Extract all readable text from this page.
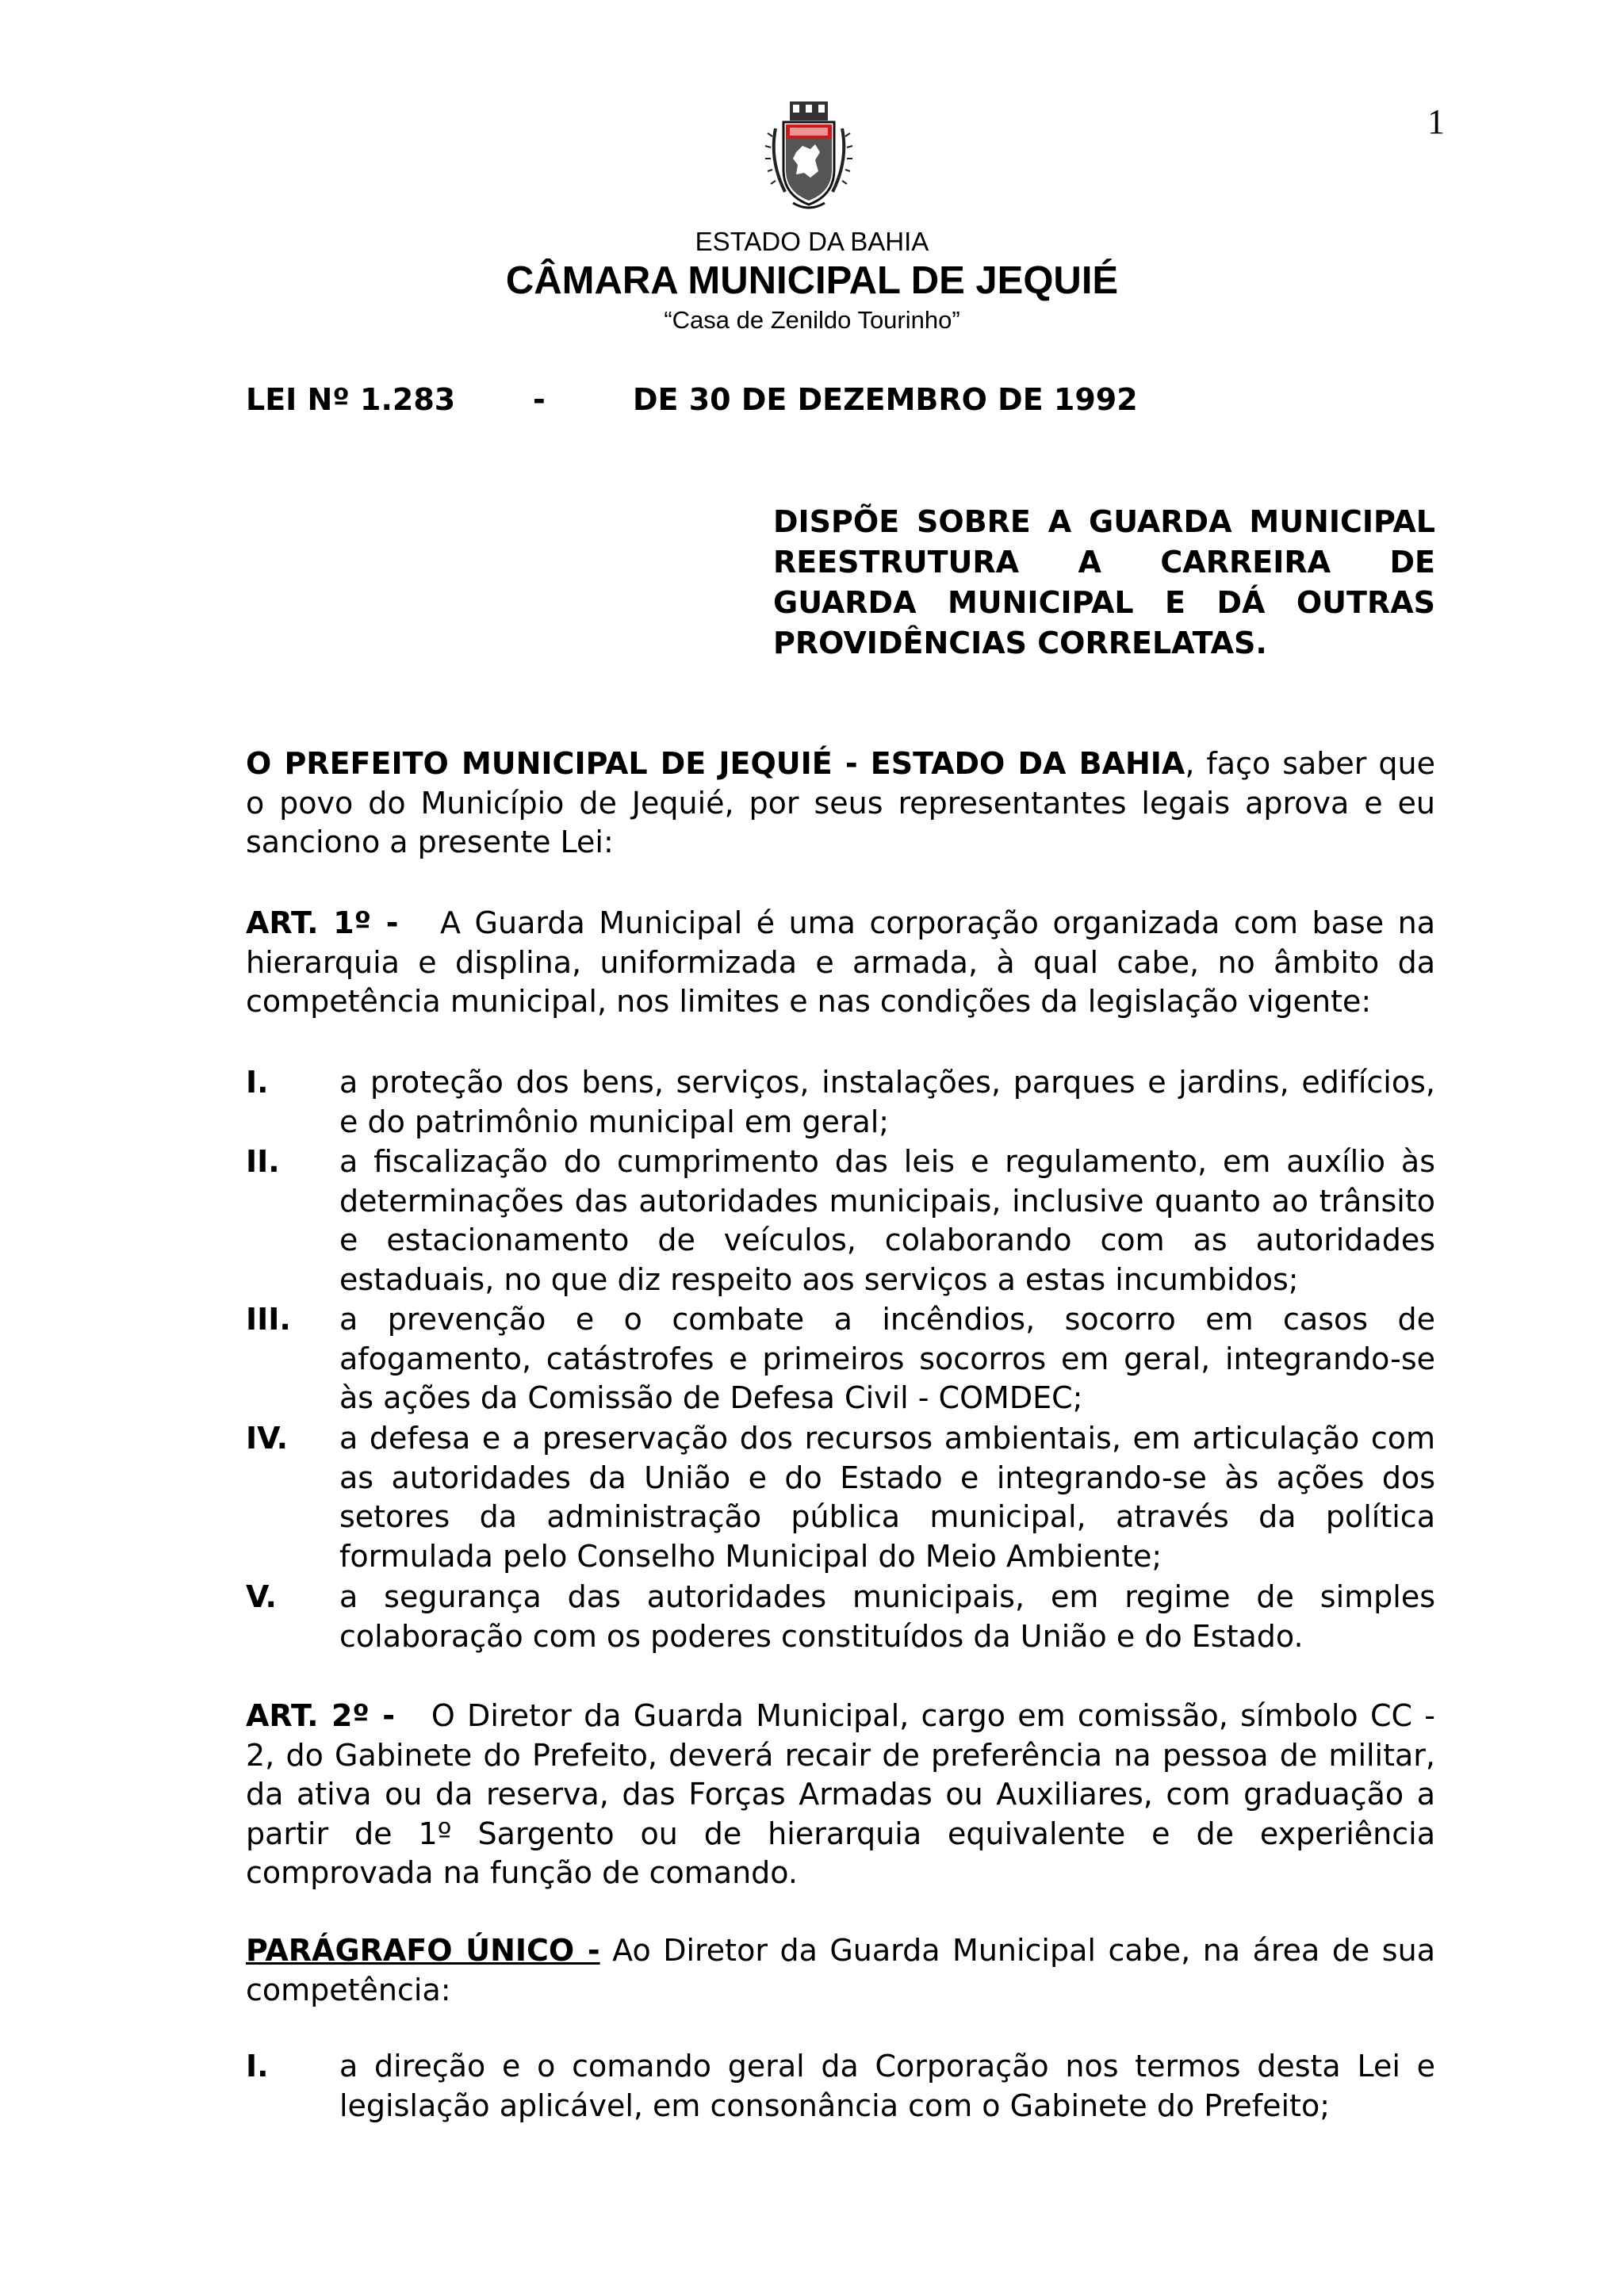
1
ESTADO DA BAHIA
CÂMARA MUNICIPAL DE JEQUIÉ
“Casa de Zenildo Tourinho”
LEI Nº 1.283	-	DE 30 DE DEZEMBRO DE 1992
DISPÕE SOBRE A GUARDA MUNICIPAL
REESTRUTURA A CARREIRA DE
GUARDA MUNICIPAL E DÁ OUTRAS
PROVIDÊNCIAS CORRELATAS.
O PREFEITO MUNICIPAL DE JEQUIÉ - ESTADO DA BAHIA, faço saber que o povo do Município de Jequié, por seus representantes legais aprova e eu sanciono a presente Lei:
ART. 1º - A Guarda Municipal é uma corporação organizada com base na hierarquia e displina, uniformizada e armada, à qual cabe, no âmbito da competência municipal, nos limites e nas condições da legislação vigente:
I. a proteção dos bens, serviços, instalações, parques e jardins, edifícios, e do patrimônio municipal em geral;
II. a fiscalização do cumprimento das leis e regulamento, em auxílio às determinações das autoridades municipais, inclusive quanto ao trânsito e estacionamento de veículos, colaborando com as autoridades estaduais, no que diz respeito aos serviços a estas incumbidos;
III. a prevenção e o combate a incêndios, socorro em casos de afogamento, catástrofes e primeiros socorros em geral, integrando-se às ações da Comissão de Defesa Civil - COMDEC;
IV. a defesa e a preservação dos recursos ambientais, em articulação com as autoridades da União e do Estado e integrando-se às ações dos setores da administração pública municipal, através da política formulada pelo Conselho Municipal do Meio Ambiente;
V. a segurança das autoridades municipais, em regime de simples colaboração com os poderes constituídos da União e do Estado.
ART. 2º - O Diretor da Guarda Municipal, cargo em comissão, símbolo CC - 2, do Gabinete do Prefeito, deverá recair de preferência na pessoa de militar, da ativa ou da reserva, das Forças Armadas ou Auxiliares, com graduação a partir de 1º Sargento ou de hierarquia equivalente e de experiência comprovada na função de comando.
PARÁGRAFO ÚNICO - Ao Diretor da Guarda Municipal cabe, na área de sua competência:
I. a direção e o comando geral da Corporação nos termos desta Lei e legislação aplicável, em consonância com o Gabinete do Prefeito;
